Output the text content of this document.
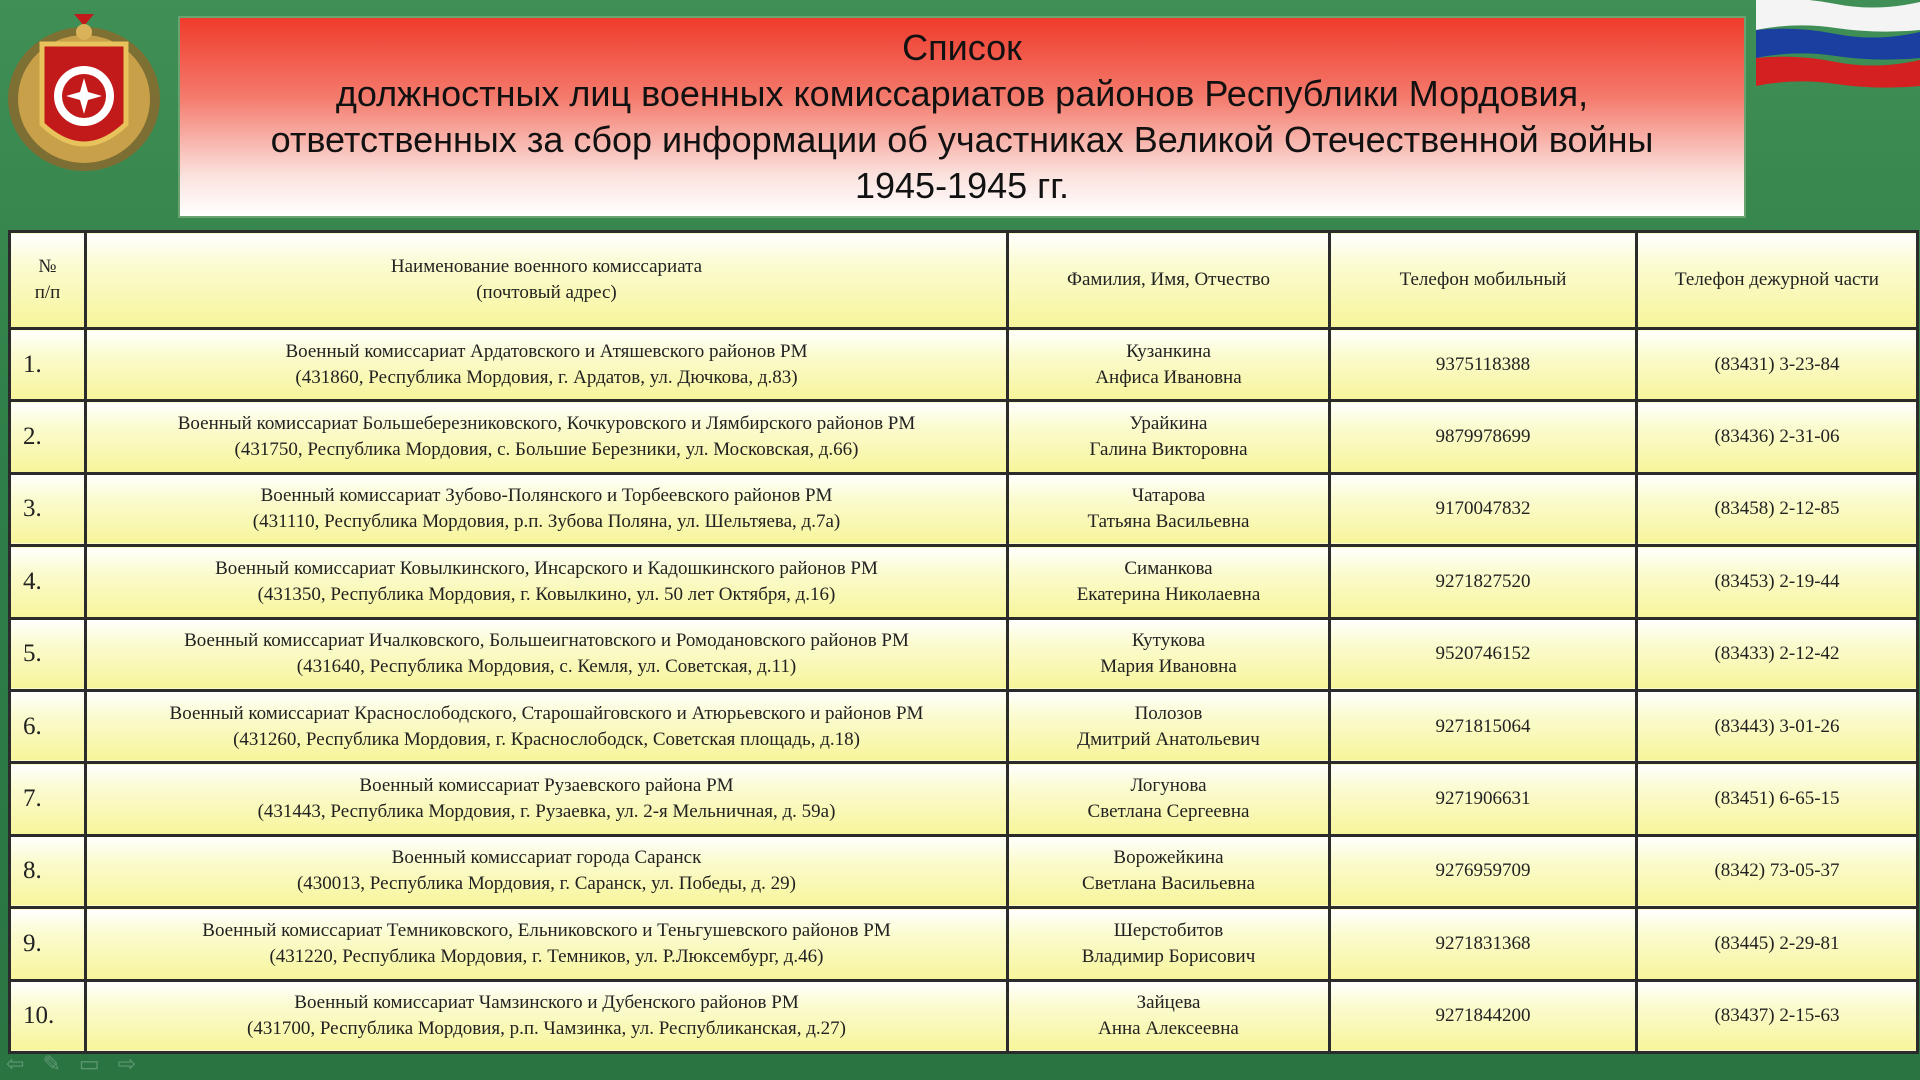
Список
должностных лиц военных комиссариатов районов Республики Мордовия,
ответственных за сбор информации об участниках Великой Отечественной войны
1945-1945 гг.
№
п/п	Наименование военного комиссариата
(почтовый адрес)	Фамилия, Имя, Отчество	Телефон мобильный	Телефон дежурной части

1.	Военный комиссариат Ардатовского и Атяшевского районов РМ
(431860, Республика Мордовия, г. Ардатов, ул. Дючкова, д.83)	Кузанкина
Анфиса Ивановна	9375118388	(83431) 3-23-84

2.	Военный комиссариат Большеберезниковского, Кочкуровского и Лямбирского районов РМ
(431750, Республика Мордовия, с. Большие Березники, ул. Московская, д.66)	Урайкина
Галина Викторовна	9879978699	(83436) 2-31-06

3.	Военный комиссариат Зубово-Полянского и Торбеевского районов РМ
(431110, Республика Мордовия, р.п. Зубова Поляна, ул. Шельтяева, д.7а)	Чатарова
Татьяна Васильевна	9170047832	(83458) 2-12-85

4.	Военный комиссариат Ковылкинского, Инсарского и Кадошкинского районов РМ
(431350, Республика Мордовия, г. Ковылкино, ул. 50 лет Октября, д.16)	Симанкова
Екатерина Николаевна	9271827520	(83453) 2-19-44

5.	Военный комиссариат Ичалковского, Большеигнатовского и Ромодановского районов РМ
(431640, Республика Мордовия, с. Кемля, ул. Советская, д.11)	Кутукова
Мария Ивановна	9520746152	(83433) 2-12-42

6.	Военный комиссариат Краснослободского, Старошайговского и Атюрьевского и районов РМ
(431260, Республика Мордовия, г. Краснослободск, Советская площадь, д.18)	Полозов
Дмитрий Анатольевич	9271815064	(83443) 3-01-26

7.	Военный комиссариат Рузаевского района РМ
(431443, Республика Мордовия, г. Рузаевка, ул. 2-я Мельничная, д. 59а)	Логунова
Светлана Сергеевна	9271906631	(83451) 6-65-15

8.	Военный комиссариат города Саранск
(430013, Республика Мордовия, г. Саранск, ул. Победы, д. 29)	Ворожейкина
Светлана Васильевна	9276959709	(8342) 73-05-37

9.	Военный комиссариат Темниковского, Ельниковского и Теньгушевского районов РМ
(431220, Республика Мордовия, г. Темников, ул. Р.Люксембург, д.46)	Шерстобитов
Владимир Борисович	9271831368	(83445) 2-29-81

10.	Военный комиссариат Чамзинского и Дубенского районов РМ
(431700, Республика Мордовия, р.п. Чамзинка, ул. Республиканская, д.27)	Зайцева
Анна Алексеевна	9271844200	(83437) 2-15-63
⇦ ✎ ▭ ⇨
